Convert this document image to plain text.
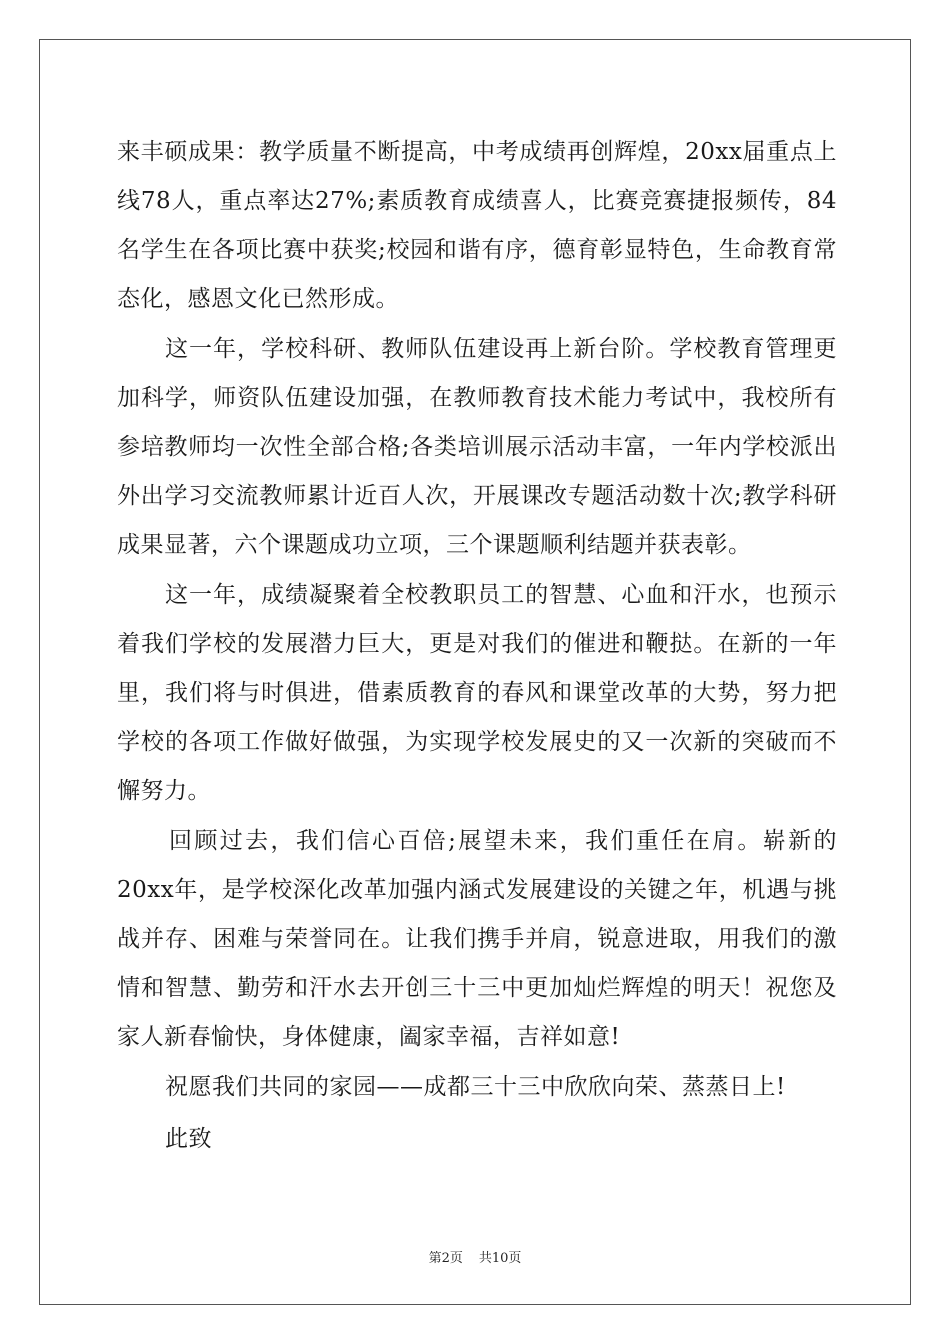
来丰硕成果：教学质量不断提高，中考成绩再创辉煌，20xx届重点上线78人，重点率达27%;素质教育成绩喜人，比赛竞赛捷报频传，84名学生在各项比赛中获奖;校园和谐有序，德育彰显特色，生命教育常态化，感恩文化已然形成。

这一年，学校科研、教师队伍建设再上新台阶。学校教育管理更加科学，师资队伍建设加强，在教师教育技术能力考试中，我校所有参培教师均一次性全部合格;各类培训展示活动丰富，一年内学校派出外出学习交流教师累计近百人次，开展课改专题活动数十次;教学科研成果显著，六个课题成功立项，三个课题顺利结题并获表彰。

这一年，成绩凝聚着全校教职员工的智慧、心血和汗水，也预示着我们学校的发展潜力巨大，更是对我们的催进和鞭挞。在新的一年里，我们将与时俱进，借素质教育的春风和课堂改革的大势，努力把学校的各项工作做好做强，为实现学校发展史的又一次新的突破而不懈努力。

回顾过去，我们信心百倍;展望未来，我们重任在肩。崭新的20xx年，是学校深化改革加强内涵式发展建设的关键之年，机遇与挑战并存、困难与荣誉同在。让我们携手并肩，锐意进取，用我们的激情和智慧、勤劳和汗水去开创三十三中更加灿烂辉煌的明天！祝您及家人新春愉快，身体健康，阖家幸福，吉祥如意!

祝愿我们共同的家园——成都三十三中欣欣向荣、蒸蒸日上!

此致

第2页 共10页
